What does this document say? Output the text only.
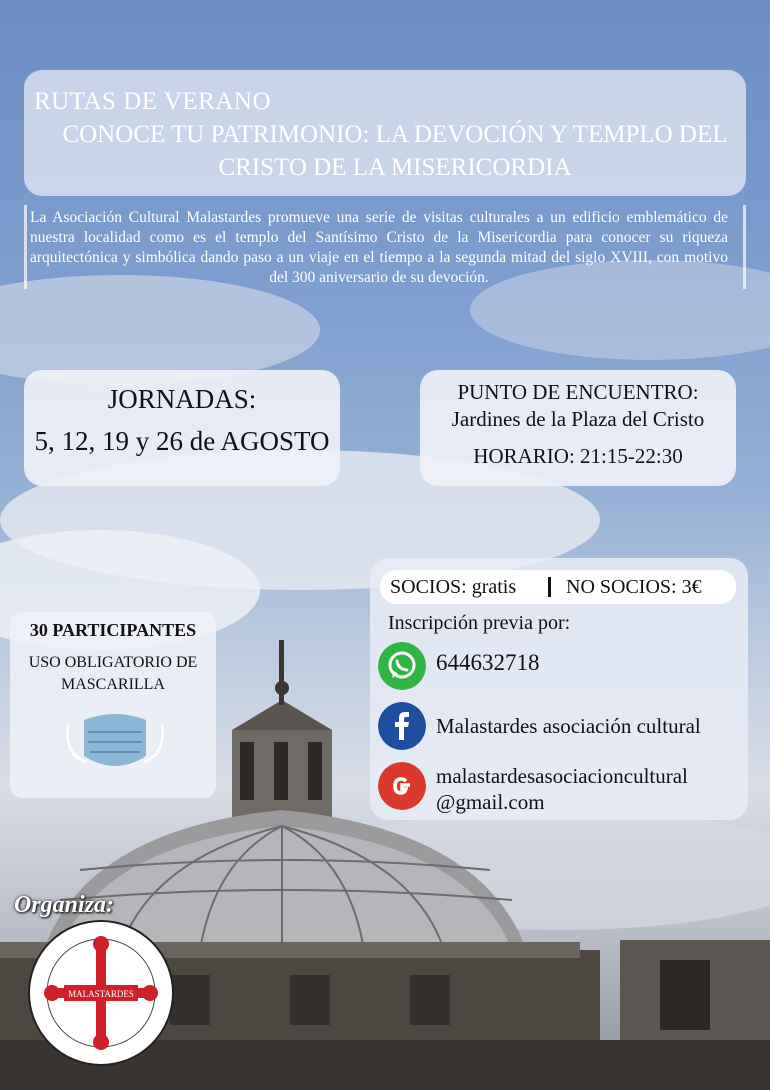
RUTAS DE VERANO
CONOCE TU PATRIMONIO: LA DEVOCIÓN Y TEMPLO DEL CRISTO DE LA MISERICORDIA
La Asociación Cultural Malastardes promueve una serie de visitas culturales a un edificio emblemático de nuestra localidad como es el templo del Santísimo Cristo de la Misericordia para conocer su riqueza arquitectónica y simbólica dando paso a un viaje en el tiempo a la segunda mitad del siglo XVIII, con motivo del 300 aniversario de su devoción.
JORNADAS:
5, 12, 19 y 26 de AGOSTO
PUNTO DE ENCUENTRO:
Jardines de la Plaza del Cristo
HORARIO: 21:15-22:30
SOCIOS: gratis NO SOCIOS: 3€
Inscripción previa por:
644632718
Malastardes asociación cultural
malastardesasociacioncultural
@gmail.com
30 PARTICIPANTES
USO OBLIGATORIO DE
MASCARILLA
Organiza:
MALASTARDES
